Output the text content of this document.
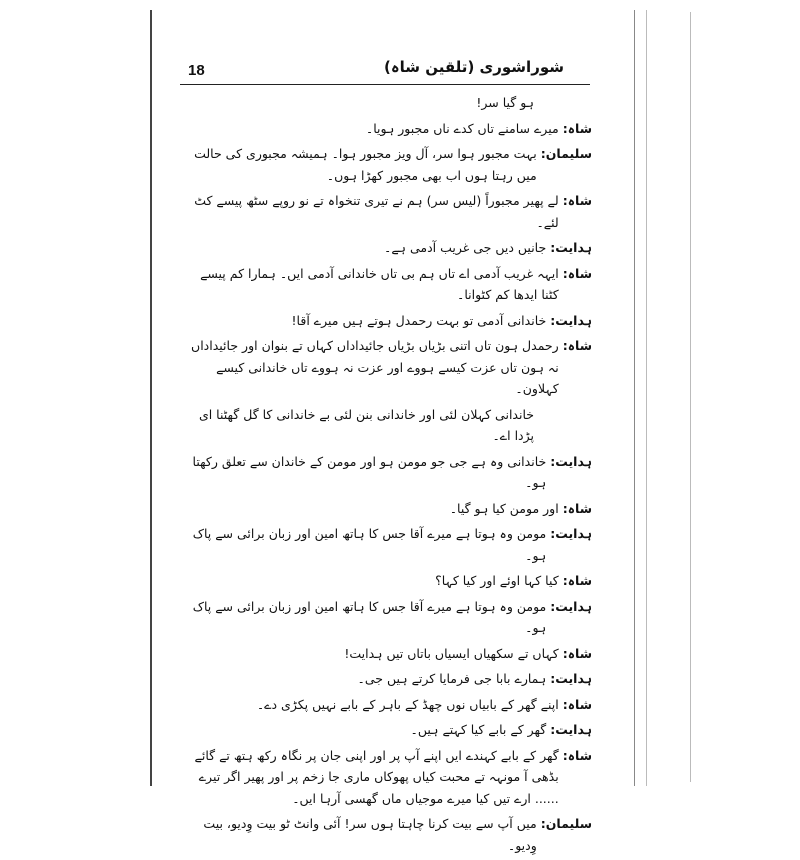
18	شوراشوری (تلقین شاہ)
ہو گیا سر!
شاہ :
میرے سامنے تاں کدے ناں مجبور ہویا۔
سلیمان :
بہت مجبور ہوا سر، آل ویز مجبور ہوا۔ ہمیشہ مجبوری کی حالت میں رہتا ہوں اب بھی مجبور کھڑا ہوں۔
شاہ :
لے پھیر مجبوراً (لیس سر) ہم نے تیری تنخواہ تے نو روپے سٹھ پیسے کٹ لئے۔
ہدایت :
جانیں دیں جی غریب آدمی ہے۔
شاہ :
ایہہ غریب آدمی اے تاں ہم بی تاں خاندانی آدمی ایں۔ ہمارا کم پیسے کٹنا ایدھا کم کٹوانا۔
ہدایت :
خاندانی آدمی تو بہت رحمدل ہوتے ہیں میرے آقا!
شاہ :
رحمدل ہون تاں اتنی بڑیاں بڑیاں جائیداداں کہاں تے بنوان اور جائیداداں نہ ہون تاں عزت کیسے ہووے اور عزت نہ ہووے تاں خاندانی کیسے کہلاون۔
خاندانی کہلان لئی اور خاندانی بنن لئی بے خاندانی کا گل گھٹنا ای پڑدا اے۔
ہدایت :
خاندانی وہ ہے جی جو مومن ہو اور مومن کے خاندان سے تعلق رکھتا ہو۔
شاہ :
اور مومن کیا ہو گیا۔
ہدایت :
مومن وہ ہوتا ہے میرے آقا جس کا ہاتھ امین اور زبان برائی سے پاک ہو۔
شاہ :
کیا کہا اوئے اور کیا کہا؟
ہدایت :
مومن وہ ہوتا ہے میرے آقا جس کا ہاتھ امین اور زبان برائی سے پاک ہو۔
شاہ :
کہاں تے سکھیاں ایسیاں باتاں تیں ہدایت!
ہدایت :
ہمارے بابا جی فرمایا کرتے ہیں جی۔
شاہ :
اپنے گھر کے بابیاں نوں چھڈ کے باہر کے بابے نہیں پکڑی دے۔
ہدایت :
گھر کے بابے کیا کہتے ہیں۔
شاہ :
گھر کے بابے کہندے ایں اپنے آپ پر اور اپنی جان پر نگاہ رکھ ہتھ تے گائے بڈھی آ مونہہ تے محبت کیاں پھوکاں ماری جا زخم پر اور پھیر اگر تیرے ...... ارے تیں کیا میرے موجیاں ماں گھسی آرہا ایں۔
سلیمان :
میں آپ سے بیت کرنا چاہتا ہوں سر! آئی وانٹ ٹو بیت وِدیو، بیت وِدیو۔
